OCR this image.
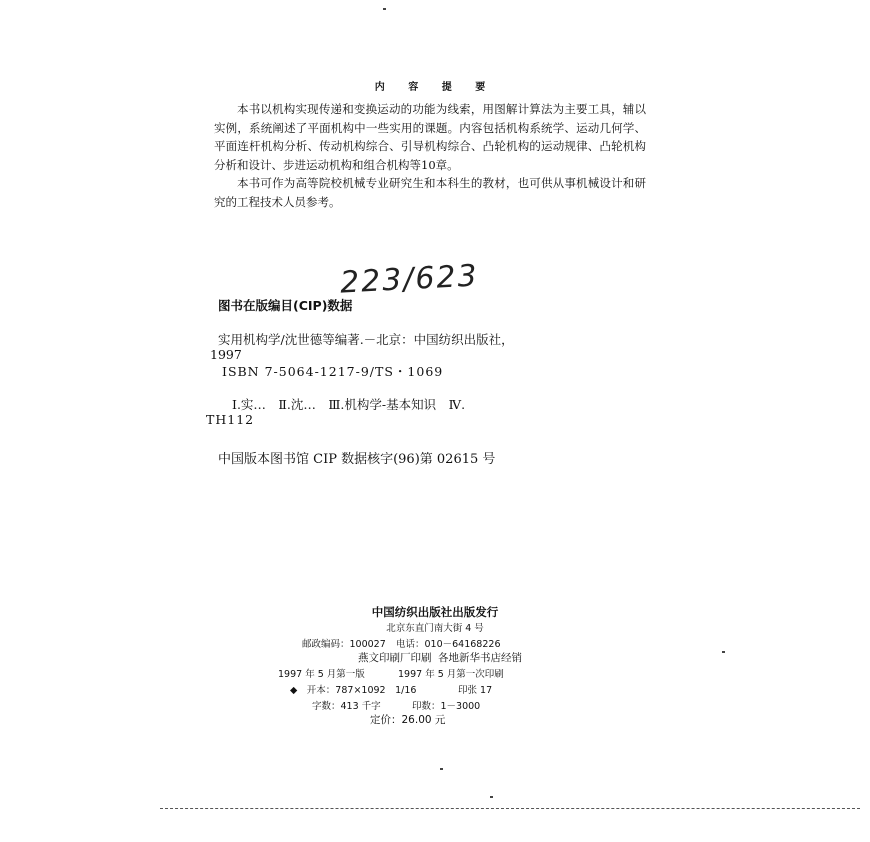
内 容 提 要

本书以机构实现传递和变换运动的功能为线索，用图解计算法为主要工具，辅以实例，系统阐述了平面机构中一些实用的课题。内容包括机构系统学、运动几何学、平面连杆机构分析、传动机构综合、引导机构综合、凸轮机构的运动规律、凸轮机构分析和设计、步进运动机构和组合机构等10章。

本书可作为高等院校机械专业研究生和本科生的教材，也可供从事机械设计和研究的工程技术人员参考。

223/623
图书在版编目(CIP)数据
实用机构学/沈世德等编著.－北京：中国纺织出版社，
1997
ISBN 7-5064-1217-9/TS・1069
Ⅰ.实…　Ⅱ.沈…　Ⅲ.机构学-基本知识　Ⅳ.
TH112
中国版本图书馆 CIP 数据核字(96)第 02615 号
中国纺织出版社出版发行
北京东直门南大街 4 号
邮政编码：100027 电话：010－64168226
燕文印刷厂印刷 各地新华书店经销
1997 年 5 月第一版	1997 年 5 月第一次印刷
◆　开本：787×1092　1/16	印张 17
字数：413 千字	印数：1－3000
定价：26.00 元
